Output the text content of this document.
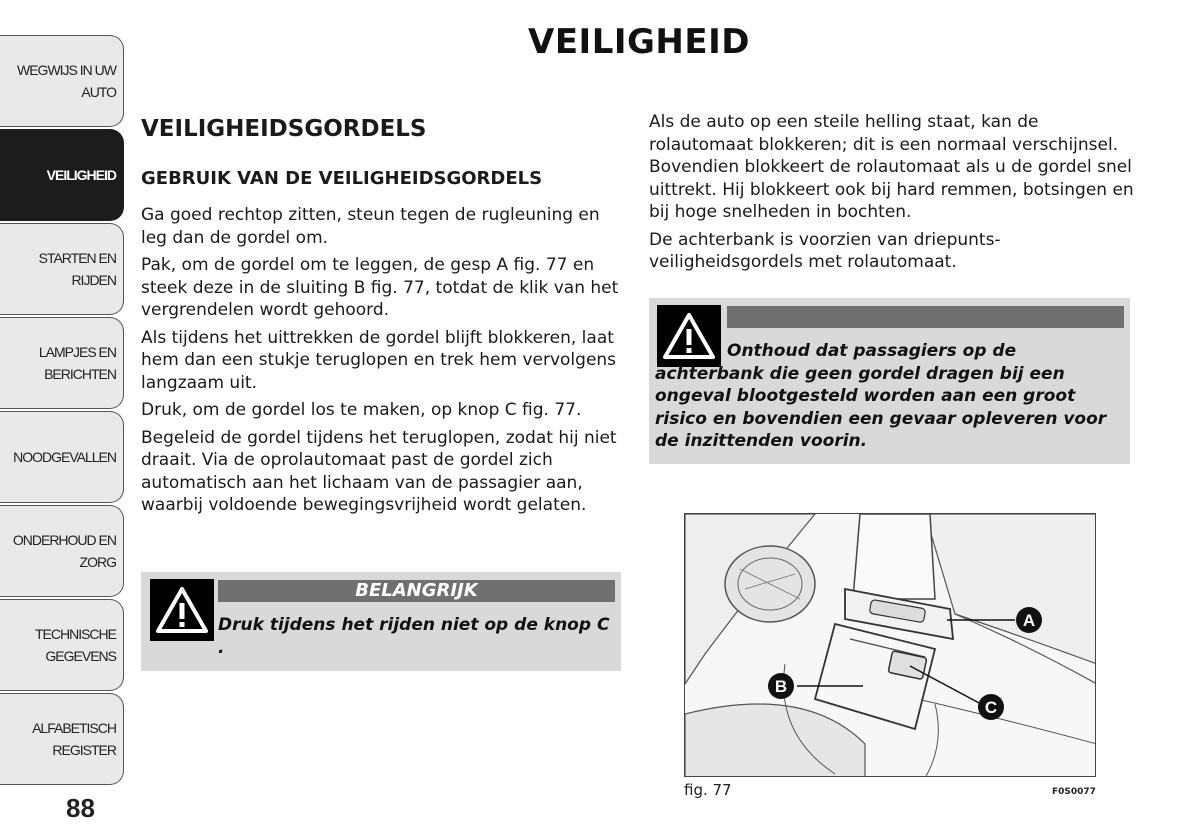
WEGWIJS IN UW
AUTO
VEILIGHEID
STARTEN EN RIJDEN
LAMPJES EN
BERICHTEN
NOODGEVALLEN
ONDERHOUD EN
ZORG
TECHNISCHE
GEGEVENS
ALFABETISCH
REGISTER
88
VEILIGHEID
VEILIGHEIDSGORDELS
GEBRUIK VAN DE VEILIGHEIDSGORDELS

Ga goed rechtop zitten, steun tegen de rugleuning en leg dan de gordel om.

Pak, om de gordel om te leggen, de gesp A fig. 77 en steek deze in de sluiting B fig. 77, totdat de klik van het vergrendelen wordt gehoord.

Als tijdens het uittrekken de gordel blijft blokkeren, laat hem dan een stukje teruglopen en trek hem vervolgens langzaam uit.

Druk, om de gordel los te maken, op knop C fig. 77.

Begeleid de gordel tijdens het teruglopen, zodat hij niet draait. Via de oprolautomaat past de gordel zich automatisch aan het lichaam van de passagier aan, waarbij voldoende bewegingsvrijheid wordt gelaten.

BELANGRIJK
Druk tijdens het rijden niet op de knop C .

Als de auto op een steile helling staat, kan de rolautomaat blokkeren; dit is een normaal verschijnsel. Bovendien blokkeert de rolautomaat als u de gordel snel uittrekt. Hij blokkeert ook bij hard remmen, botsingen en bij hoge snelheden in bochten.

De achterbank is voorzien van driepunts-veiligheidsgordels met rolautomaat.

Onthoud dat passagiers op de achterbank die geen gordel dragen bij een ongeval blootgesteld worden aan een groot risico en bovendien een gevaar opleveren voor de inzittenden voorin.
A
B
C
fig. 77	F0S0077
